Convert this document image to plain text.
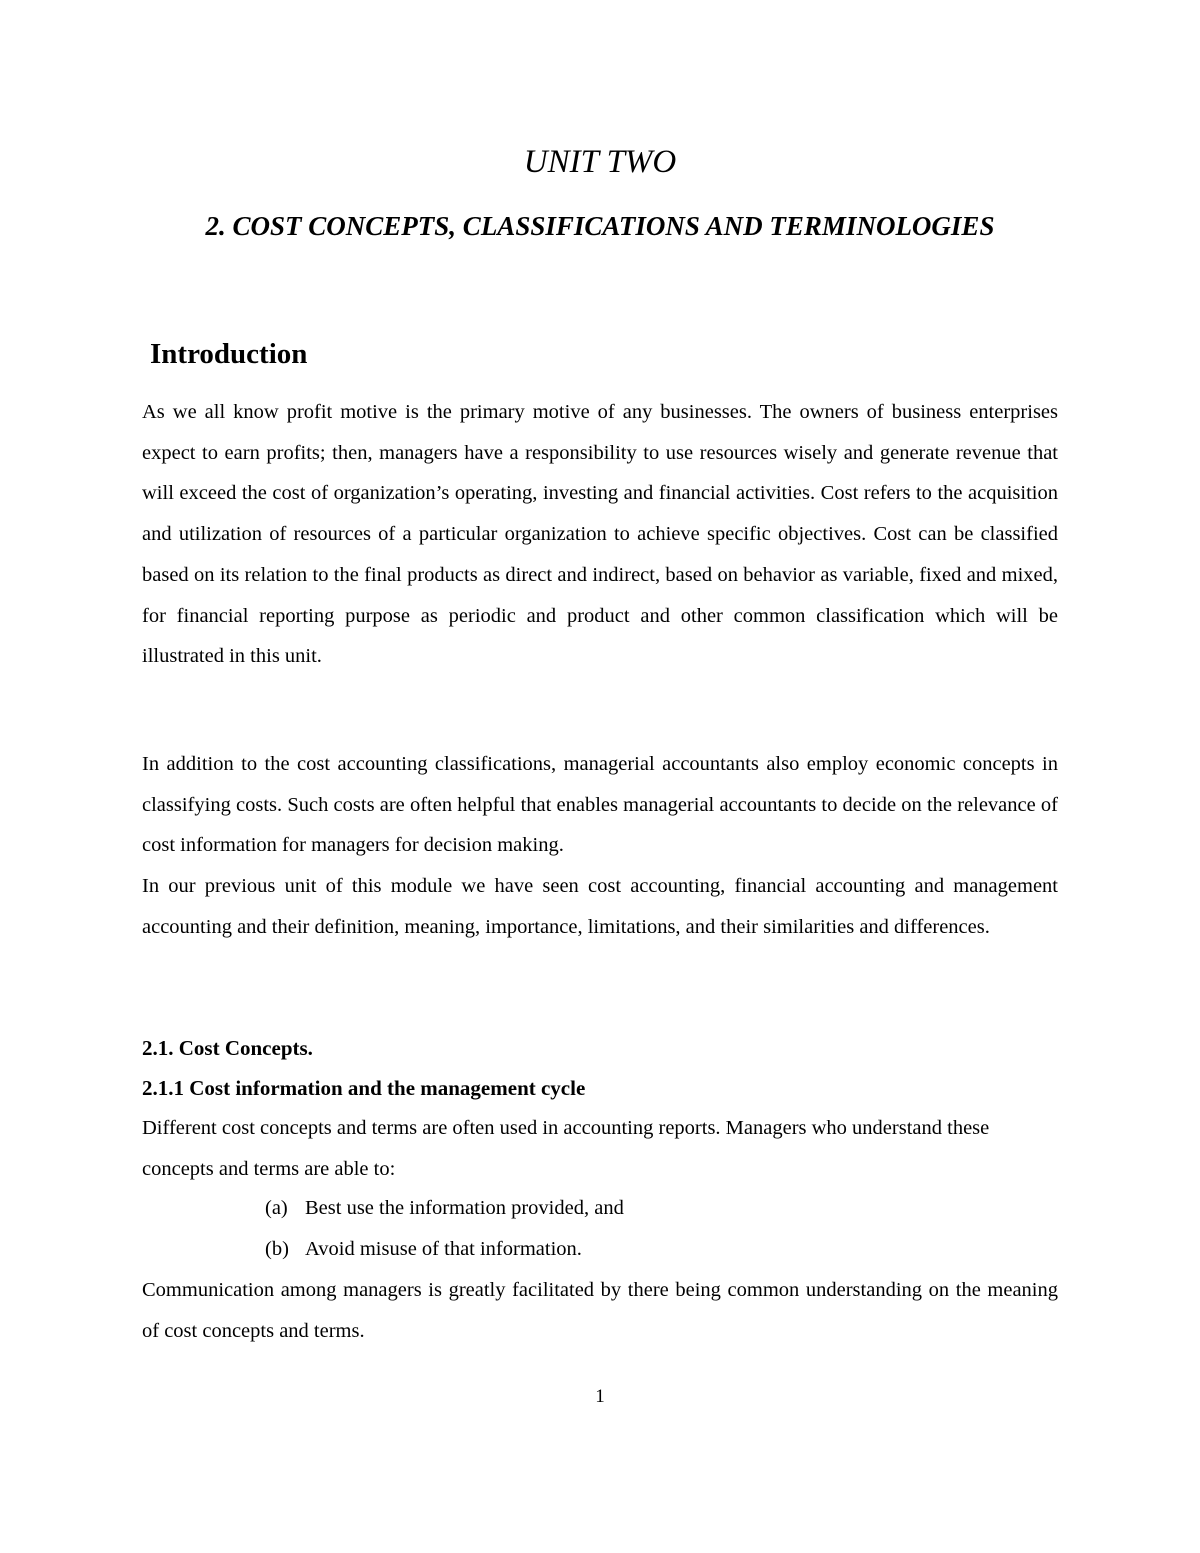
UNIT TWO
2. COST CONCEPTS, CLASSIFICATIONS AND TERMINOLOGIES
Introduction

As we all know profit motive is the primary motive of any businesses. The owners of business enterprises expect to earn profits; then, managers have a responsibility to use resources wisely and generate revenue that will exceed the cost of organization’s operating, investing and financial activities. Cost refers to the acquisition and utilization of resources of a particular organization to achieve specific objectives. Cost can be classified based on its relation to the final products as direct and indirect, based on behavior as variable, fixed and mixed, for financial reporting purpose as periodic and product and other common classification which will be illustrated in this unit.

In addition to the cost accounting classifications, managerial accountants also employ economic concepts in classifying costs. Such costs are often helpful that enables managerial accountants to decide on the relevance of cost information for managers for decision making.

In our previous unit of this module we have seen cost accounting, financial accounting and management accounting and their definition, meaning, importance, limitations, and their similarities and differences.

2.1. Cost Concepts.
2.1.1 Cost information and the management cycle

Different cost concepts and terms are often used in accounting reports. Managers who understand these concepts and terms are able to:

(a) Best use the information provided, and
(b) Avoid misuse of that information.

Communication among managers is greatly facilitated by there being common understanding on the meaning of cost concepts and terms.

1
